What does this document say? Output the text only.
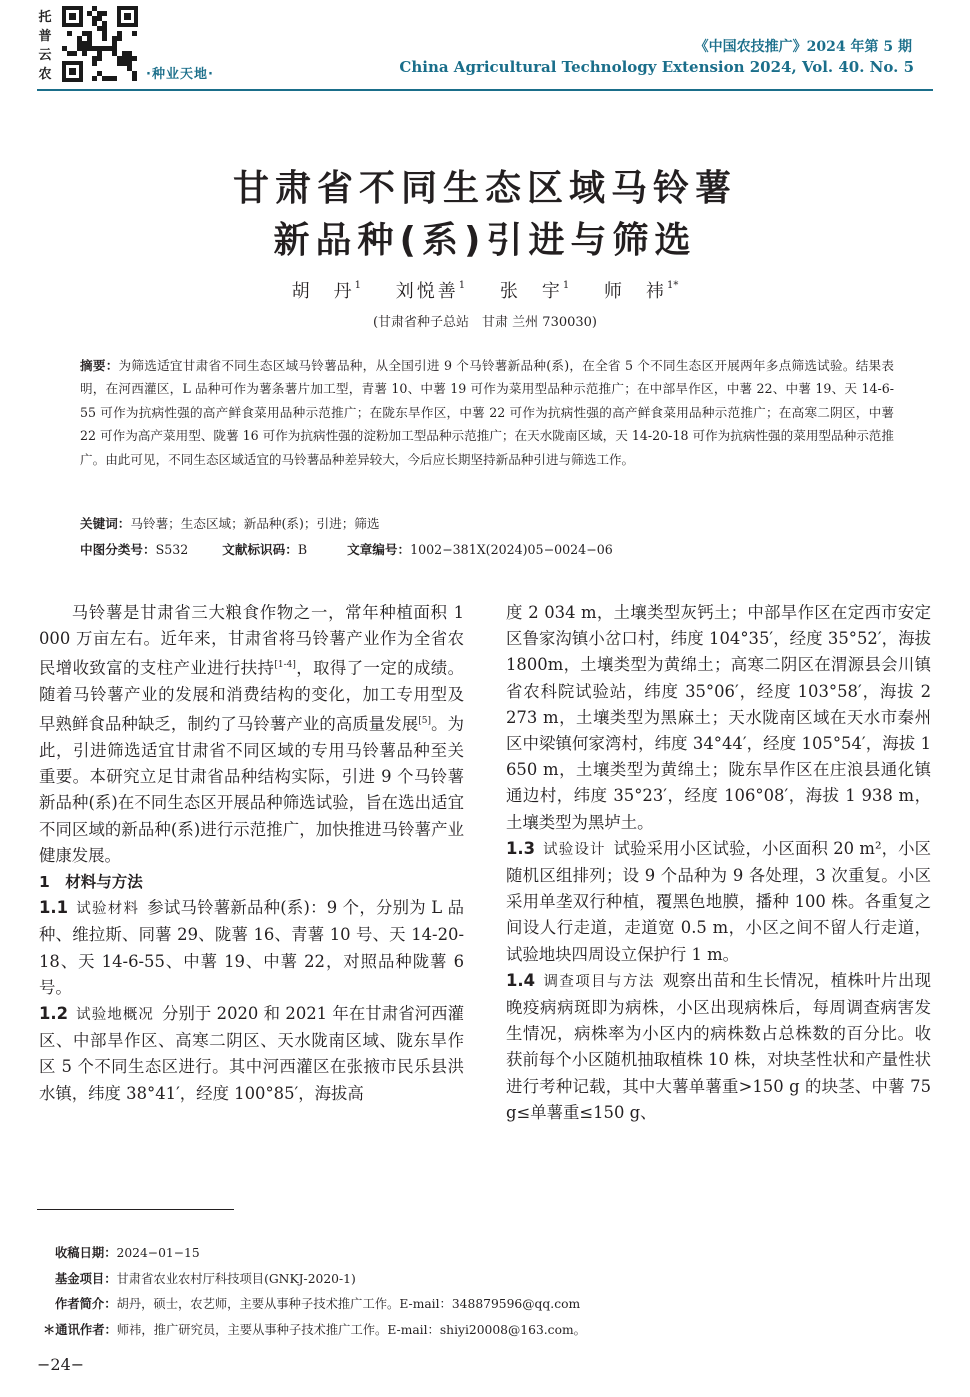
托
普
云
农	·种业天地·
《中国农技推广》2024 年第 5 期
China Agricultural Technology Extension 2024, Vol. 40. No. 5
甘肃省不同生态区域马铃薯
新品种(系)引进与筛选
胡　丹$^1$ 刘悦善$^1$ 张　宇$^1$ 师　祎$^{1*}$
(甘肃省种子总站　甘肃 兰州 730030)
摘要：为筛选适宜甘肃省不同生态区域马铃薯品种，从全国引进 9 个马铃薯新品种(系)，在全省 5 个不同生态区开展两年多点筛选试验。结果表明，在河西灌区，L 品种可作为薯条薯片加工型，青薯 10、中薯 19 可作为菜用型品种示范推广；在中部旱作区，中薯 22、中薯 19、天 14-6-55 可作为抗病性强的高产鲜食菜用品种示范推广；在陇东旱作区，中薯 22 可作为抗病性强的高产鲜食菜用品种示范推广；在高寒二阴区，中薯 22 可作为高产菜用型、陇薯 16 可作为抗病性强的淀粉加工型品种示范推广；在天水陇南区域，天 14-20-18 可作为抗病性强的菜用型品种示范推广。由此可见，不同生态区域适宜的马铃薯品种差异较大，今后应长期坚持新品种引进与筛选工作。
关键词：马铃薯；生态区域；新品种(系)；引进；筛选
中图分类号：S532	文献标识码：B	文章编号：1002−381X(2024)05−0024−06

马铃薯是甘肃省三大粮食作物之一，常年种植面积 1 000 万亩左右。近年来，甘肃省将马铃薯产业作为全省农民增收致富的支柱产业进行扶持[1-4]，取得了一定的成绩。随着马铃薯产业的发展和消费结构的变化，加工专用型及早熟鲜食品种缺乏，制约了马铃薯产业的高质量发展[5]。为此，引进筛选适宜甘肃省不同区域的专用马铃薯品种至关重要。本研究立足甘肃省品种结构实际，引进 9 个马铃薯新品种(系)在不同生态区开展品种筛选试验，旨在选出适宜不同区域的新品种(系)进行示范推广，加快推进马铃薯产业健康发展。

1　材料与方法

1.1 试验材料 参试马铃薯新品种(系)：9 个，分别为 L 品种、维拉斯、同薯 29、陇薯 16、青薯 10 号、天 14-20-18、天 14-6-55、中薯 19、中薯 22，对照品种陇薯 6 号。

1.2 试验地概况 分别于 2020 和 2021 年在甘肃省河西灌区、中部旱作区、高寒二阴区、天水陇南区域、陇东旱作区 5 个不同生态区进行。其中河西灌区在张掖市民乐县洪水镇，纬度 38°41′，经度 100°85′，海拔高

度 2 034 m，土壤类型灰钙土；中部旱作区在定西市安定区鲁家沟镇小岔口村，纬度 104°35′，经度 35°52′，海拔 1800m，土壤类型为黄绵土；高寒二阴区在渭源县会川镇省农科院试验站，纬度 35°06′，经度 103°58′，海拔 2 273 m，土壤类型为黑麻土；天水陇南区域在天水市秦州区中梁镇何家湾村，纬度 34°44′，经度 105°54′，海拔 1 650 m，土壤类型为黄绵土；陇东旱作区在庄浪县通化镇通边村，纬度 35°23′，经度 106°08′，海拔 1 938 m，土壤类型为黑垆土。

1.3 试验设计 试验采用小区试验，小区面积 20 m²，小区随机区组排列；设 9 个品种为 9 各处理，3 次重复。小区采用单垄双行种植，覆黑色地膜，播种 100 株。各重复之间设人行走道，走道宽 0.5 m，小区之间不留人行走道，试验地块四周设立保护行 1 m。

1.4 调查项目与方法 观察出苗和生长情况，植株叶片出现晚疫病病斑即为病株，小区出现病株后，每周调查病害发生情况，病株率为小区内的病株数占总株数的百分比。收获前每个小区随机抽取植株 10 株，对块茎性状和产量性状进行考种记载，其中大薯单薯重>150 g 的块茎、中薯 75 g≤单薯重≤150 g、

收稿日期：2024−01−15

基金项目：甘肃省农业农村厅科技项目(GNKJ-2020-1)

作者简介：胡丹，硕士，农艺师，主要从事种子技术推广工作。E-mail：348879596@qq.com

＊通讯作者：师祎，推广研究员，主要从事种子技术推广工作。E-mail：shiyi20008@163.com。

−24−
